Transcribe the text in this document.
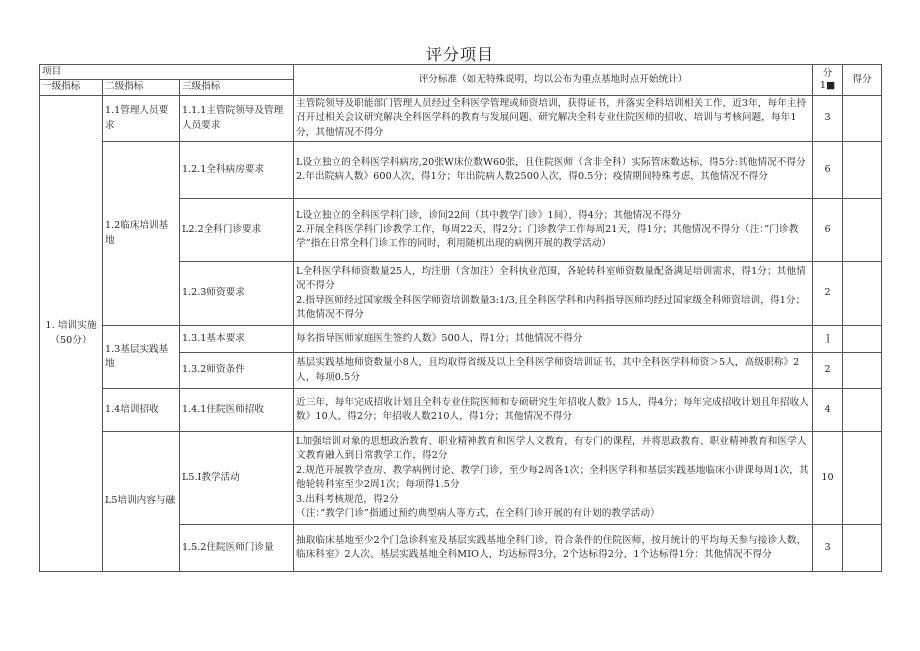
评分项目
项目			评分标准（如无特殊说明，均以公布为重点基地时点开始统计）	分
1■	得分
一级指标	二级指标	三级指标			
1. 培训实施
（50分）	1.1管理人员要求	1.1.1主管院领导及管理人员要求	主管院领导及职能部门管理人员经过全科医学管理或师资培训，获得证书，并落实全科培训相关工作，近3年，每年主持召开过相关会议研究解决全科医学科的教育与发展问题、研究解决全科专业住院医师的招收、培训与考核问题，每年1分，其他情况不得分	3	
	1.2临床培训基地	1.2.1全科病房要求	L设立独立的全科医学科病房,20张W床位数W60张，且住院医师（含非全科）实际管床数达标，得5分:其他情况不得分
2.年出院病人数》600人次，得1分；年出院病人数2500人次，得0.5分；疫情期间特殊考虑，其他情况不得分	6	
		L2.2全科门诊要求	L设立独立的全科医学科门诊，诊间22间（其中教学门诊》1间），得4分；其他情况不得分
2.开展全科医学科门诊教学工作，每周22天，得2分；门诊教学工作每周21天，得1分；其他情况不得分（注：”门诊教学”指在日常全科门诊工作的同时，利用随机出现的病例开展的教学活动）	6	
		1.2.3师资要求	L全科医学科师资数量25人，均注册（含加注）全科执业范围，各轮转科室师资数量配备满足培训需求，得1分；其他情况不得分
2.指导医师经过国家级全科医学师资培训数量3:1/3,且全科医学科和内科指导医师均经过国家级全科师资培训，得1分；其他情况不得分	2	
	1.3基层实践基地	1.3.1基本要求	每名指导医师家庭医生签约人数》500人，得1分；其他情况不得分	]	
		1.3.2师资条件	基层实践基地师资数量小8人，且均取得省级及以上全科医学师资培训证书，其中全科医学科师资＞5人，高级职称》2人，每项0.5分	2	
	1.4培训招收	1.4.1住院医师招收	近三年，每年完成招收计划且全科专业住院医师和专硕研究生年招收人数》15人，得4分；每年完成招收计划且年招收人数》10人，得2分；年招收人数210人，得1分；其他情况不得分	4	
	L5培训内容与融	L5.I教学活动	L加强培训对象的思想政治教育、职业精神教育和医学人文教育，有专门的课程，并将思政教育、职业精神教育和医学人文教育融入到日常教学工作，得2分
2.规范开展教学查房、教学病例讨论、教学门诊，至少每2周各1次；全科医学科和基层实践基地临床小讲课每周1次，其他轮转科室至少2周1次；每项得1.5分
3.出科考核规范，得2分
（注：”教学门诊”指通过预约典型病人等方式，在全科门诊开展的有计划的教学活动）	10	
		1.5.2住院医师门诊量	抽取临床基地至少2个门急诊科室及基层实践基地全科门诊，符合条件的住院医师，按月统计的平均每天参与接诊人数，临床科室》2人次、基层实践基地全科MIO人，均达标得3分，2个达标得2分，1个达标得1分：其他情况不得分	3	
